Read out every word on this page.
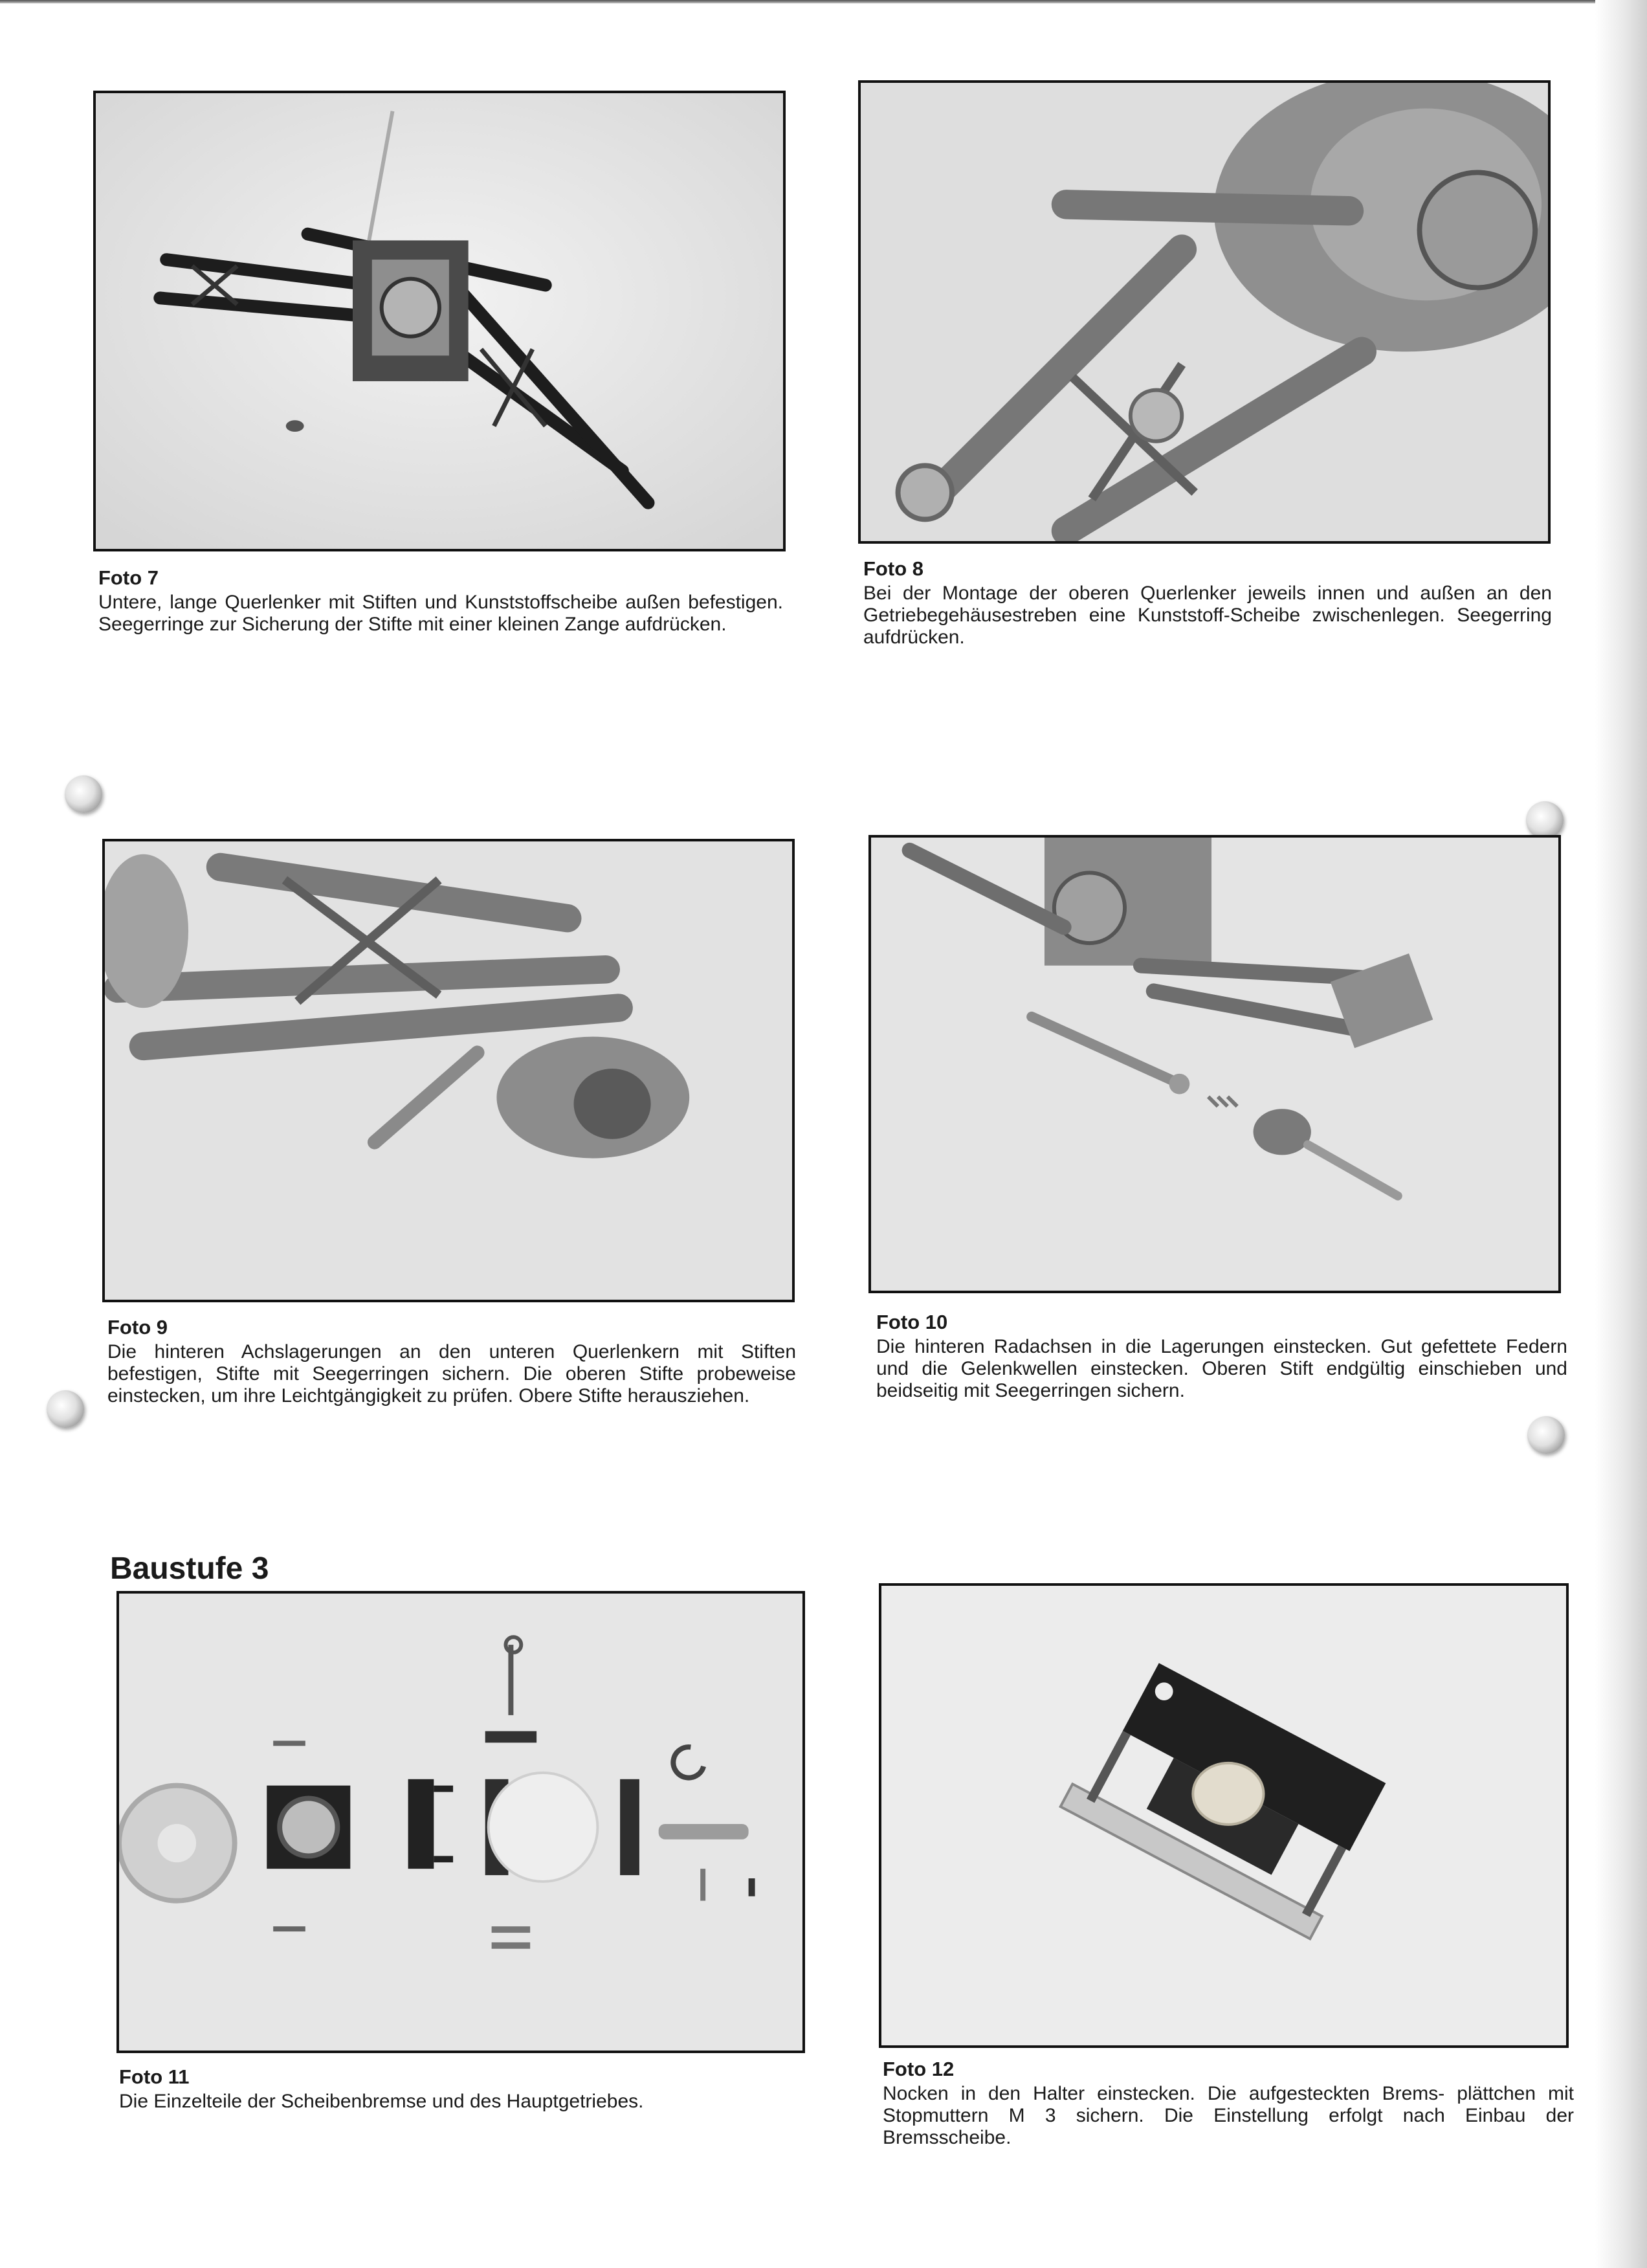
Foto 7
Untere, lange Querlenker mit Stiften und Kunststoffscheibe außen befestigen. Seegerringe zur Sicherung der Stifte mit einer kleinen Zange aufdrücken.
Foto 8
Bei der Montage der oberen Querlenker jeweils innen und außen an den Getriebegehäusestreben eine Kunststoff-Scheibe zwischenlegen. Seegerring aufdrücken.
Foto 9
Die hinteren Achslagerungen an den unteren Querlenkern mit Stiften befestigen, Stifte mit Seegerringen sichern. Die oberen Stifte probeweise einstecken, um ihre Leichtgängigkeit zu prüfen. Obere Stifte herausziehen.
Foto 10
Die hinteren Radachsen in die Lagerungen einstecken. Gut gefettete Federn und die Gelenkwellen einstecken. Oberen Stift endgültig einschieben und beidseitig mit Seegerringen sichern.
Baustufe 3
Foto 11
Die Einzelteile der Scheibenbremse und des Hauptgetriebes.
Foto 12
Nocken in den Halter einstecken. Die aufgesteckten Brems- plättchen mit Stopmuttern M 3 sichern. Die Einstellung erfolgt nach Einbau der Bremsscheibe.
